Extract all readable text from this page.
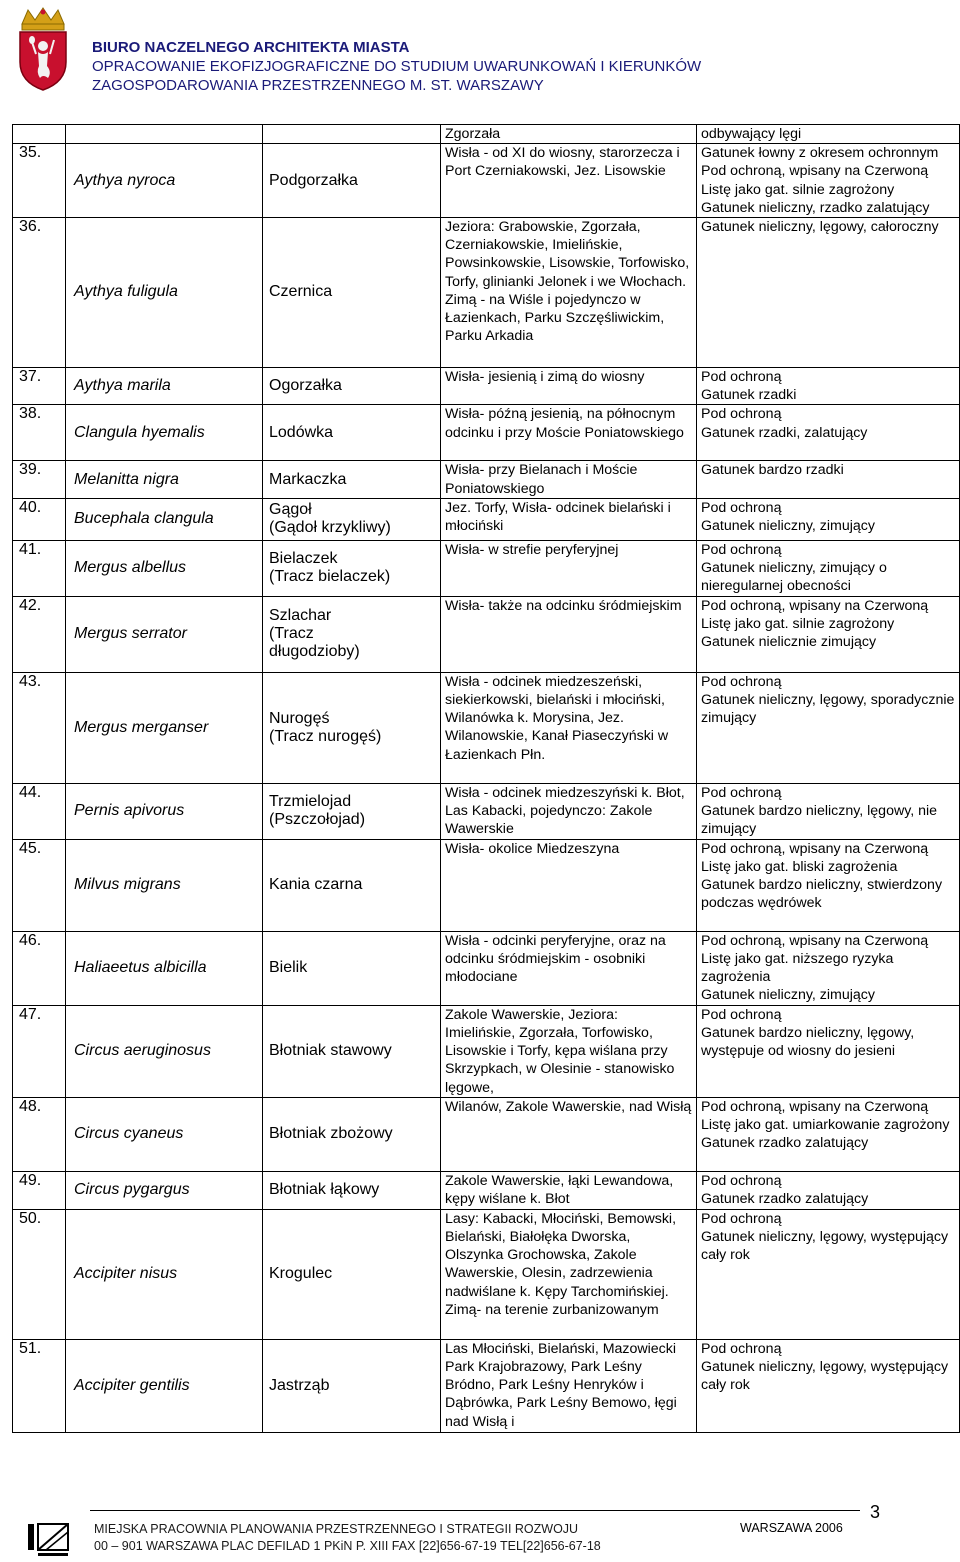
BIURO NACZELNEGO ARCHITEKTA MIASTA
OPRACOWANIE EKOFIZJOGRAFICZNE DO STUDIUM UWARUNKOWAŃ I KIERUNKÓW
ZAGOSPODAROWANIA PRZESTRZENNEGO M. ST. WARSZAWY

			Zgorzała	odbywający lęgi

35.	Aythya nyroca	Podgorzałka	Wisła - od XI do wiosny, starorzecza i Port Czerniakowski, Jez. Lisowskie	Gatunek łowny z okresem ochronnym
Pod ochroną, wpisany na Czerwoną Listę jako gat. silnie zagrożony
Gatunek nieliczny, rzadko zalatujący

36.	Aythya fuligula	Czernica	Jeziora: Grabowskie, Zgorzała, Czerniakowskie, Imielińskie, Powsinkowskie, Lisowskie, Torfowisko, Torfy, glinianki Jelonek i we Włochach. Zimą - na Wiśle i pojedynczo w Łazienkach, Parku Szczęśliwickim, Parku Arkadia	Gatunek nieliczny, lęgowy, całoroczny

37.	Aythya marila	Ogorzałka	Wisła- jesienią i zimą do wiosny	Pod ochroną
Gatunek rzadki

38.	Clangula hyemalis	Lodówka	Wisła- późną jesienią, na północnym odcinku i przy Moście Poniatowskiego	Pod ochroną
Gatunek rzadki, zalatujący

39.	Melanitta nigra	Markaczka	Wisła- przy Bielanach i Moście Poniatowskiego	Gatunek bardzo rzadki

40.	Bucephala clangula	Gągoł
(Gądoł krzykliwy)	Jez. Torfy, Wisła- odcinek bielański i młociński	Pod ochroną
Gatunek nieliczny, zimujący

41.	Mergus albellus	Bielaczek
(Tracz bielaczek)	Wisła- w strefie peryferyjnej	Pod ochroną
Gatunek nieliczny, zimujący o nieregularnej obecności

42.	Mergus serrator	Szlachar
(Tracz
długodzioby)	Wisła- także na odcinku śródmiejskim	Pod ochroną, wpisany na Czerwoną Listę jako gat. silnie zagrożony
Gatunek nielicznie zimujący

43.	Mergus merganser	Nurogęś
(Tracz nurogęś)	Wisła - odcinek miedzeszeński, siekierkowski, bielański i młociński, Wilanówka k. Morysina, Jez. Wilanowskie, Kanał Piaseczyński w Łazienkach Płn.	Pod ochroną
Gatunek nieliczny, lęgowy, sporadycznie zimujący

44.	Pernis apivorus	Trzmielojad
(Pszczołojad)	Wisła - odcinek miedzeszyński k. Błot, Las Kabacki, pojedynczo: Zakole Wawerskie	Pod ochroną
Gatunek bardzo nieliczny, lęgowy, nie zimujący

45.	Milvus migrans	Kania czarna	Wisła- okolice Miedzeszyna	Pod ochroną, wpisany na Czerwoną Listę jako gat. bliski zagrożenia
Gatunek bardzo nieliczny, stwierdzony podczas wędrówek

46.	Haliaeetus albicilla	Bielik	Wisła - odcinki peryferyjne, oraz na odcinku śródmiejskim - osobniki młodociane	Pod ochroną, wpisany na Czerwoną Listę jako gat. niższego ryzyka zagrożenia
Gatunek nieliczny, zimujący

47.	Circus aeruginosus	Błotniak stawowy	Zakole Wawerskie, Jeziora: Imielińskie, Zgorzała, Torfowisko, Lisowskie i Torfy, kępa wiślana przy Skrzypkach, w Olesinie - stanowisko lęgowe,	Pod ochroną
Gatunek bardzo nieliczny, lęgowy, występuje od wiosny do jesieni

48.	Circus cyaneus	Błotniak zbożowy	Wilanów, Zakole Wawerskie, nad Wisłą	Pod ochroną, wpisany na Czerwoną Listę jako gat. umiarkowanie zagrożony
Gatunek rzadko zalatujący

49.	Circus pygargus	Błotniak łąkowy	Zakole Wawerskie, łąki Lewandowa, kępy wiślane k. Błot	Pod ochroną
Gatunek rzadko zalatujący

50.	Accipiter nisus	Krogulec	Lasy: Kabacki, Młociński, Bemowski, Bielański, Białołęka Dworska, Olszynka Grochowska, Zakole Wawerskie, Olesin, zadrzewienia nadwiślane k. Kępy Tarchomińskiej. Zimą- na terenie zurbanizowanym	Pod ochroną
Gatunek nieliczny, lęgowy, występujący cały rok

51.	Accipiter gentilis	Jastrząb	Las Młociński, Bielański, Mazowiecki Park Krajobrazowy, Park Leśny Bródno, Park Leśny Henryków i Dąbrówka, Park Leśny Bemowo, łęgi nad Wisłą i	Pod ochroną
Gatunek nieliczny, lęgowy, występujący cały rok
3
MIEJSKA PRACOWNIA PLANOWANIA PRZESTRZENNEGO I STRATEGII ROZWOJU
00 – 901 WARSZAWA PLAC DEFILAD 1 PKiN P. XIII FAX [22]656-67-19 TEL[22]656-67-18
WARSZAWA 2006
